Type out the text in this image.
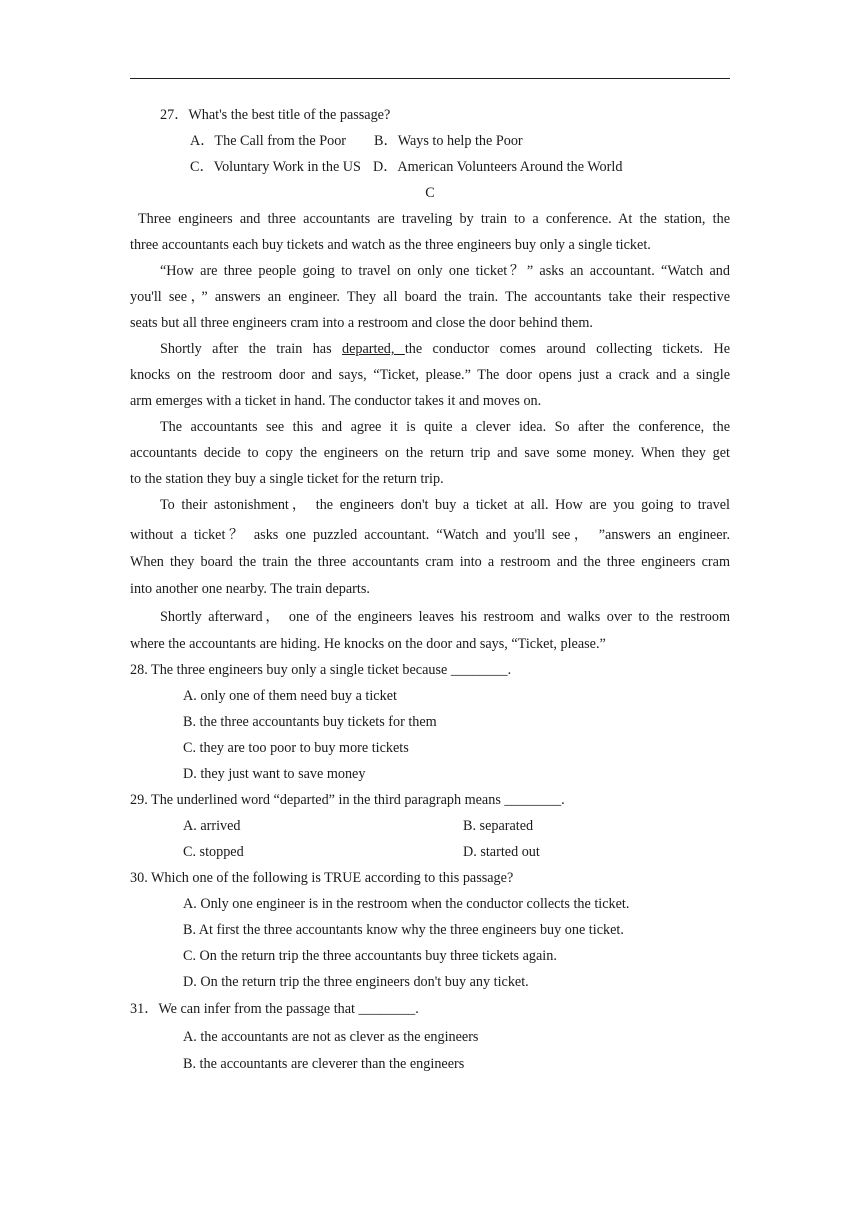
27．What's the best title of the passage?
A．The Call from the Poor B．Ways to help the Poor
C．Voluntary Work in the US D．American Volunteers Around the World
C
Three engineers and three accountants are traveling by train to a conference. At the station, the
three accountants each buy tickets and watch as the three engineers buy only a single ticket.
“How are three people going to travel on only one ticket？” asks an accountant. “Watch and
you'll see，” answers an engineer. They all board the train. The accountants take their respective
seats but all three engineers cram into a restroom and close the door behind them.
Shortly after the train has departed, the conductor comes around collecting tickets. He
knocks on the restroom door and says, “Ticket, please.” The door opens just a crack and a single
arm emerges with a ticket in hand. The conductor takes it and moves on.
The accountants see this and agree it is quite a clever idea. So after the conference, the
accountants decide to copy the engineers on the return trip and save some money. When they get
to the station they buy a single ticket for the return trip.
To their astonishment， the engineers don't buy a ticket at all. How are you going to travel
without a ticket？ asks one puzzled accountant. “Watch and you'll see， ”answers an engineer.
When they board the train the three accountants cram into a restroom and the three engineers cram
into another one nearby. The train departs.
Shortly afterward， one of the engineers leaves his restroom and walks over to the restroom
where the accountants are hiding. He knocks on the door and says, “Ticket, please.”
28. The three engineers buy only a single ticket because ________.
A. only one of them need buy a ticket
B. the three accountants buy tickets for them
C. they are too poor to buy more tickets
D. they just want to save money
29. The underlined word “departed” in the third paragraph means ________.
A. arrived	B. separated
C. stopped	D. started out
30. Which one of the following is TRUE according to this passage?
A. Only one engineer is in the restroom when the conductor collects the ticket.
B. At first the three accountants know why the three engineers buy one ticket.
C. On the return trip the three accountants buy three tickets again.
D. On the return trip the three engineers don't buy any ticket.
31．We can infer from the passage that ________.
A. the accountants are not as clever as the engineers
B. the accountants are cleverer than the engineers
